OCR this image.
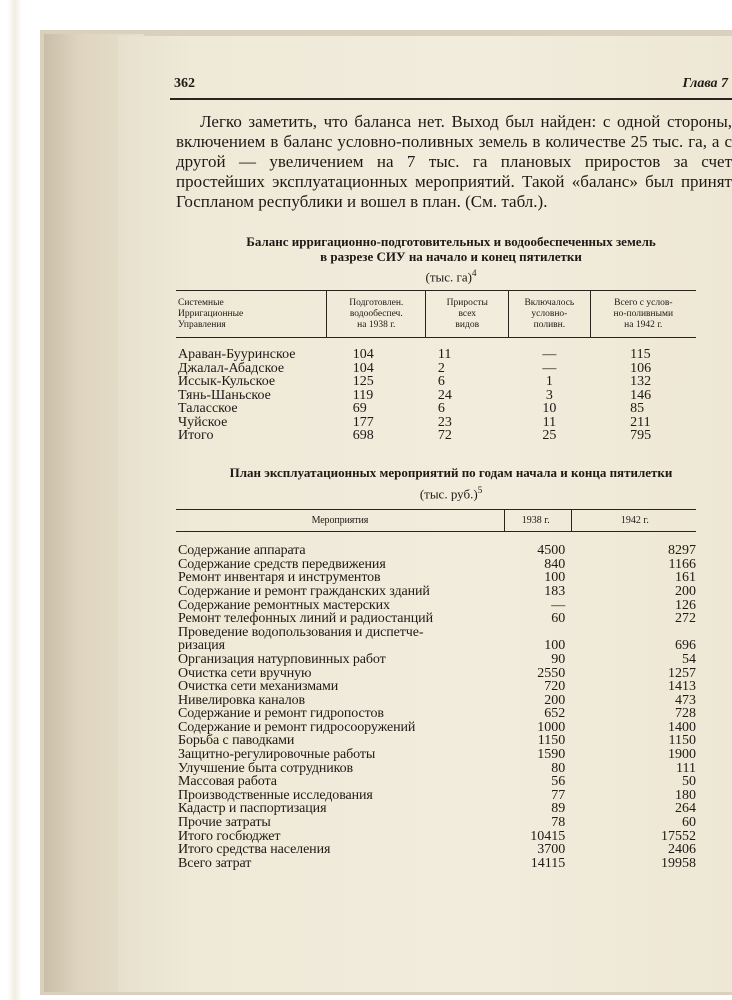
362	Глава 7

Легко заметить, что баланса нет. Выход был найден: с одной стороны, включением в баланс условно-поливных земель в количестве 25 тыс. га, а с другой — увеличением на 7 тыс. га плановых приростов за счет простейших эксплуатационных мероприятий. Такой «баланс» был принят Госпланом республики и вошел в план. (См. табл.).

Баланс ирригационно-подготовительных и водообеспеченных земель
в разрезе СИУ на начало и конец пятилетки
(тыс. га)$^4$
Системные
Ирригационные
Управления	Подготовлен.
водообеспеч.
на 1938 г.	Приросты
всех
видов	Включалось
условно-
поливн.	Всего с услов-
но-поливными
на 1942 г.
Араван-Бууринское	104	11	—	115
Джалал-Абадское	104	2	—	106
Иссык-Кульское	125	6	1	132
Тянь-Шаньское	119	24	3	146
Таласское	69	6	10	85
Чуйское	177	23	11	211
Итого	698	72	25	795
План эксплуатационных мероприятий по годам начала и конца пятилетки
(тыс. руб.)$^5$
Мероприятия	1938 г.	1942 г.
Содержание аппарата	4500	8297
Содержание средств передвижения	840	1166
Ремонт инвентаря и инструментов	100	161
Содержание и ремонт гражданских зданий	183	200
Содержание ремонтных мастерских	—	126
Ремонт телефонных линий и радиостанций	60	272
Проведение водопользования и диспетче-
ризация	100	696
Организация натурповинных работ	90	54
Очистка сети вручную	2550	1257
Очистка сети механизмами	720	1413
Нивелировка каналов	200	473
Содержание и ремонт гидропостов	652	728
Содержание и ремонт гидросооружений	1000	1400
Борьба с паводками	1150	1150
Защитно-регулировочные работы	1590	1900
Улучшение быта сотрудников	80	111
Массовая работа	56	50
Производственные исследования	77	180
Кадастр и паспортизация	89	264
Прочие затраты	78	60
Итого госбюджет	10415	17552
Итого средства населения	3700	2406
Всего затрат	14115	19958
